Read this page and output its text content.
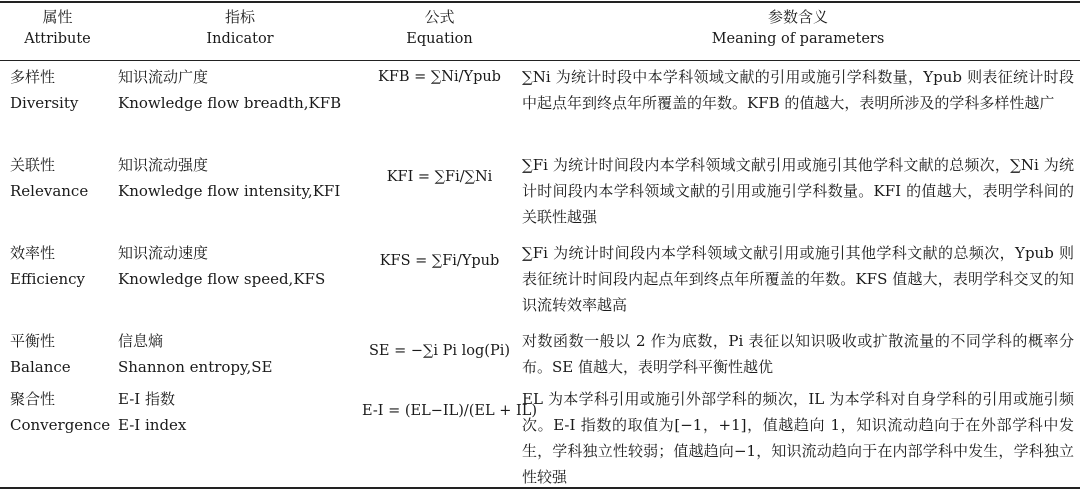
属性
Attribute
指标
Indicator
公式
Equation
参数含义
Meaning of parameters
多样性
Diversity
知识流动广度
Knowledge flow breadth,KFB
KFB = ∑Ni/Ypub	∑Ni 为统计时段中本学科领域文献的引用或施引学科数量，Ypub 则表征统计时段中起点年到终点年所覆盖的年数。KFB 的值越大，表明所涉及的学科多样性越广
关联性
Relevance
知识流动强度
Knowledge flow intensity,KFI
KFI = ∑Fi/∑Ni
∑Fi 为统计时间段内本学科领域文献引用或施引其他学科文献的总频次，∑Ni 为统计时间段内本学科领域文献的引用或施引学科数量。KFI 的值越大，表明学科间的关联性越强
效率性
Efficiency
知识流动速度
Knowledge flow speed,KFS
KFS = ∑Fi/Ypub	∑Fi 为统计时间段内本学科领域文献引用或施引其他学科文献的总频次，Ypub 则表征统计时间段内起点年到终点年所覆盖的年数。KFS 值越大，表明学科交叉的知识流转效率越高
平衡性
Balance
信息熵
Shannon entropy,SE
SE = −∑i Pi log(Pi)
对数函数一般以 2 作为底数，Pi 表征以知识吸收或扩散流量的不同学科的概率分布。SE 值越大，表明学科平衡性越优
聚合性
Convergence
E-I 指数
E-I index
E-I = (EL−IL)/(EL + IL)
EL 为本学科引用或施引外部学科的频次，IL 为本学科对自身学科的引用或施引频次。E-I 指数的取值为[−1，+1]，值越趋向 1，知识流动趋向于在外部学科中发生，学科独立性较弱；值越趋向−1，知识流动趋向于在内部学科中发生，学科独立性较强
